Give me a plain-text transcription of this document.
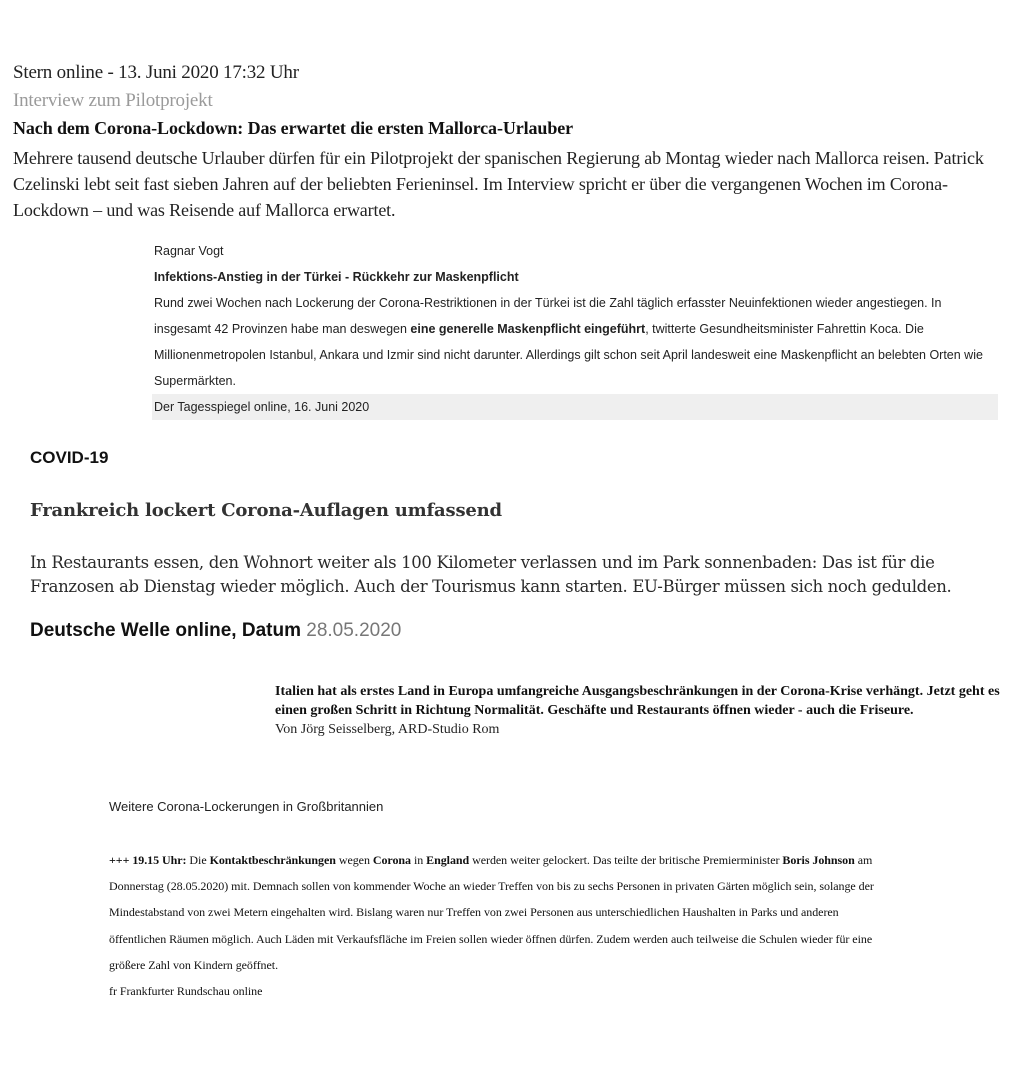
Stern online - 13. Juni 2020 17:32 Uhr
Interview zum Pilotprojekt
Nach dem Corona-Lockdown: Das erwartet die ersten Mallorca-Urlauber
Mehrere tausend deutsche Urlauber dürfen für ein Pilotprojekt der spanischen Regierung ab Montag wieder nach Mallorca reisen. Patrick Czelinski lebt seit fast sieben Jahren auf der beliebten Ferieninsel. Im Interview spricht er über die vergangenen Wochen im Corona-Lockdown – und was Reisende auf Mallorca erwartet.
Ragnar Vogt
Infektions-Anstieg in der Türkei - Rückkehr zur Maskenpflicht
Rund zwei Wochen nach Lockerung der Corona-Restriktionen in der Türkei ist die Zahl täglich erfasster Neuinfektionen wieder angestiegen. In insgesamt 42 Provinzen habe man deswegen eine generelle Maskenpflicht eingeführt, twitterte Gesundheitsminister Fahrettin Koca. Die Millionenmetropolen Istanbul, Ankara und Izmir sind nicht darunter. Allerdings gilt schon seit April landesweit eine Maskenpflicht an belebten Orten wie Supermärkten.
Der Tagesspiegel online, 16. Juni 2020
COVID-19
Frankreich lockert Corona-Auflagen umfassend
In Restaurants essen, den Wohnort weiter als 100 Kilometer verlassen und im Park sonnenbaden: Das ist für die Franzosen ab Dienstag wieder möglich. Auch der Tourismus kann starten. EU-Bürger müssen sich noch gedulden.
Deutsche Welle online, Datum 28.05.2020
Italien hat als erstes Land in Europa umfangreiche Ausgangsbeschränkungen in der Corona-Krise verhängt. Jetzt geht es einen großen Schritt in Richtung Normalität. Geschäfte und Restaurants öffnen wieder - auch die Friseure.
Von Jörg Seisselberg, ARD-Studio Rom
Weitere Corona-Lockerungen in Großbritannien
+++ 19.15 Uhr: Die Kontaktbeschränkungen wegen Corona in England werden weiter gelockert. Das teilte der britische Premierminister Boris Johnson am Donnerstag (28.05.2020) mit. Demnach sollen von kommender Woche an wieder Treffen von bis zu sechs Personen in privaten Gärten möglich sein, solange der Mindestabstand von zwei Metern eingehalten wird. Bislang waren nur Treffen von zwei Personen aus unterschiedlichen Haushalten in Parks und anderen öffentlichen Räumen möglich. Auch Läden mit Verkaufsfläche im Freien sollen wieder öffnen dürfen. Zudem werden auch teilweise die Schulen wieder für eine größere Zahl von Kindern geöffnet.
fr Frankfurter Rundschau online
